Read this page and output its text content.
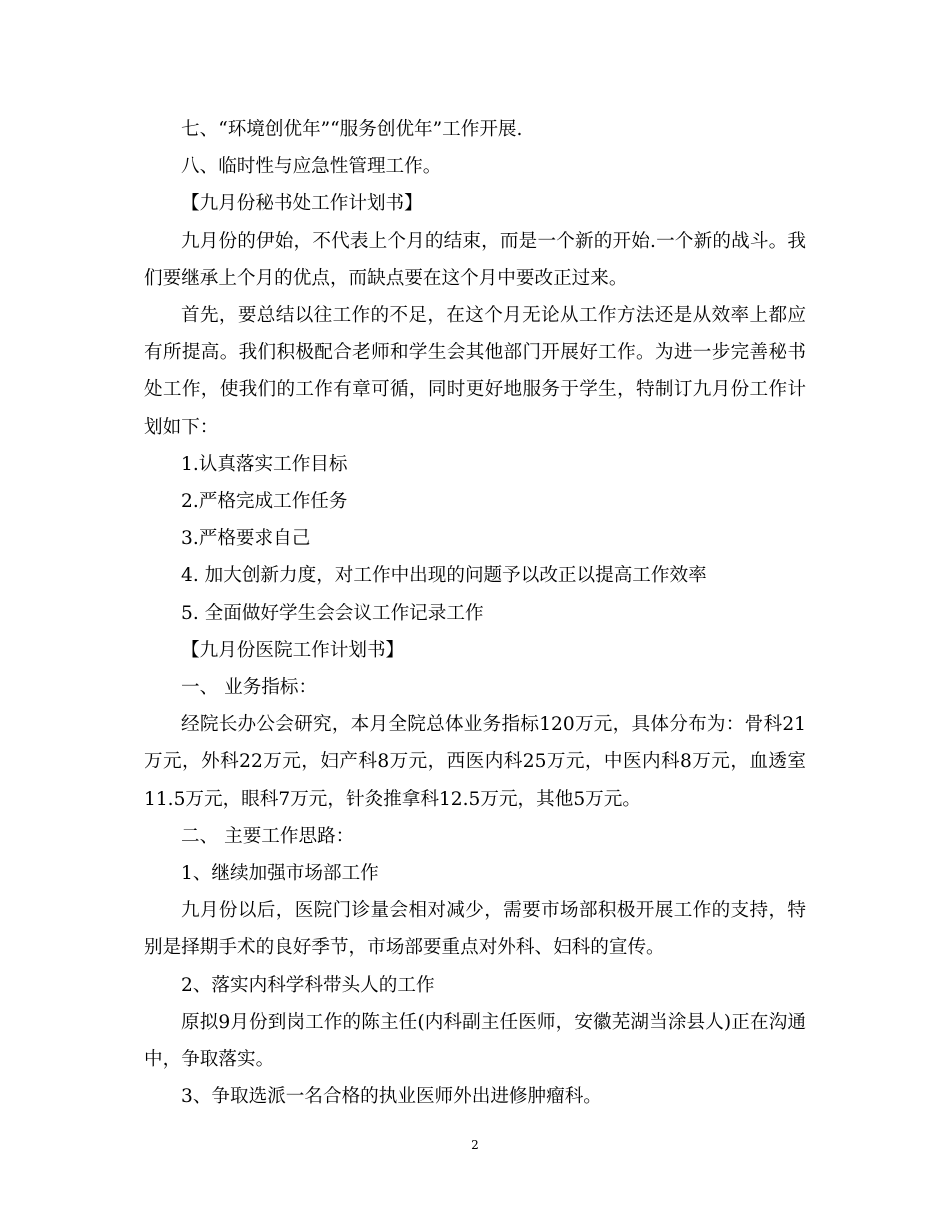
七、“环境创优年”“服务创优年”工作开展.

八、临时性与应急性管理工作。

【九月份秘书处工作计划书】

九月份的伊始，不代表上个月的结束，而是一个新的开始.一个新的战斗。我们要继承上个月的优点，而缺点要在这个月中要改正过来。

首先，要总结以往工作的不足，在这个月无论从工作方法还是从效率上都应有所提高。我们积极配合老师和学生会其他部门开展好工作。为进一步完善秘书处工作，使我们的工作有章可循，同时更好地服务于学生，特制订九月份工作计划如下：

1.认真落实工作目标

2.严格完成工作任务

3.严格要求自己

4. 加大创新力度，对工作中出现的问题予以改正以提高工作效率

5. 全面做好学生会会议工作记录工作

【九月份医院工作计划书】

一、 业务指标：

经院长办公会研究，本月全院总体业务指标120万元，具体分布为：骨科21万元，外科22万元，妇产科8万元，西医内科25万元，中医内科8万元，血透室11.5万元，眼科7万元，针灸推拿科12.5万元，其他5万元。

二、 主要工作思路：

1、继续加强市场部工作

九月份以后，医院门诊量会相对减少，需要市场部积极开展工作的支持，特别是择期手术的良好季节，市场部要重点对外科、妇科的宣传。

2、落实内科学科带头人的工作

原拟9月份到岗工作的陈主任(内科副主任医师，安徽芜湖当涂县人)正在沟通中，争取落实。

3、争取选派一名合格的执业医师外出进修肿瘤科。

2
